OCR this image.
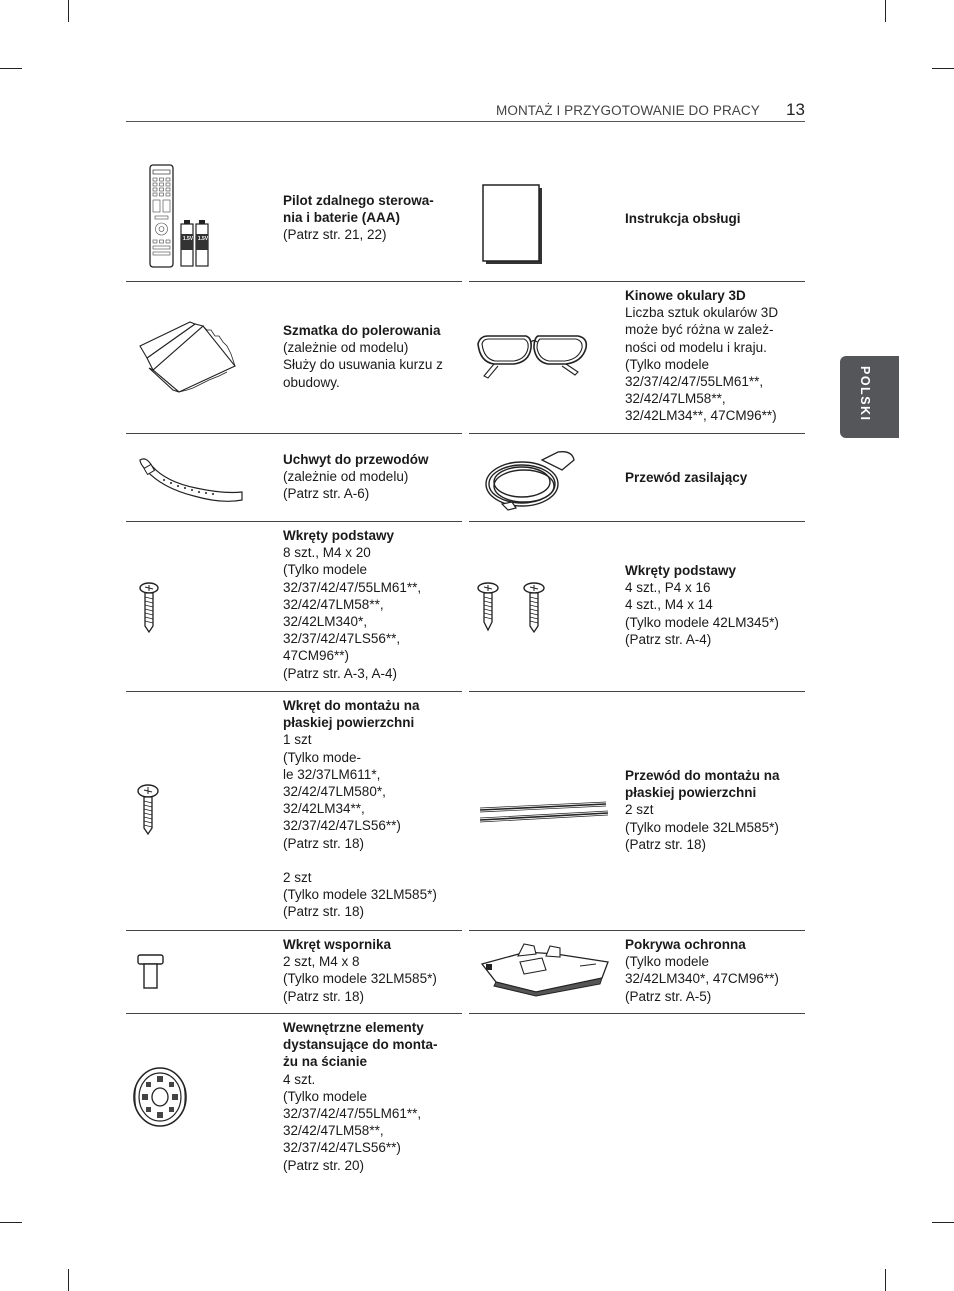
MONTAŻ I PRZYGOTOWANIE DO PRACY 13
POLSKI
1.5V 1.5V
Pilot zdalnego sterowa-
nia i baterie (AAA)
(Patrz str. 21, 22)
Instrukcja obsługi
Szmatka do polerowania
(zależnie od modelu)
Służy do usuwania kurzu z obudowy.
Kinowe okulary 3D
Liczba sztuk okularów 3D może być różna w zależ-
ności od modelu i kraju.
(Tylko modele
32/37/42/47/55LM61**,
32/42/47LM58**,
32/42LM34**, 47CM96**)
Uchwyt do przewodów
(zależnie od modelu)
(Patrz str. A-6)
Przewód zasilający
Wkręty podstawy
8 szt., M4 x 20
(Tylko modele
32/37/42/47/55LM61**,
32/42/47LM58**,
32/42LM340*,
32/37/42/47LS56**,
47CM96**)
(Patrz str. A-3, A-4)
Wkręty podstawy
4 szt., P4 x 16
4 szt., M4 x 14
(Tylko modele 42LM345*)
(Patrz str. A-4)
Wkręt do montażu na
płaskiej powierzchni
1 szt
(Tylko mode-
le 32/37LM611*,
32/42/47LM580*,
32/42LM34**,
32/37/42/47LS56**)
(Patrz str. 18)

2 szt
(Tylko modele 32LM585*)
(Patrz str. 18)
Przewód do montażu na
płaskiej powierzchni
2 szt
(Tylko modele 32LM585*)
(Patrz str. 18)
Wkręt wspornika
2 szt, M4 x 8
(Tylko modele 32LM585*)
(Patrz str. 18)
Pokrywa ochronna
(Tylko modele
32/42LM340*, 47CM96**)
(Patrz str. A-5)
Wewnętrzne elementy
dystansujące do monta-
żu na ścianie
4 szt.
(Tylko modele
32/37/42/47/55LM61**,
32/42/47LM58**,
32/37/42/47LS56**)
(Patrz str. 20)
